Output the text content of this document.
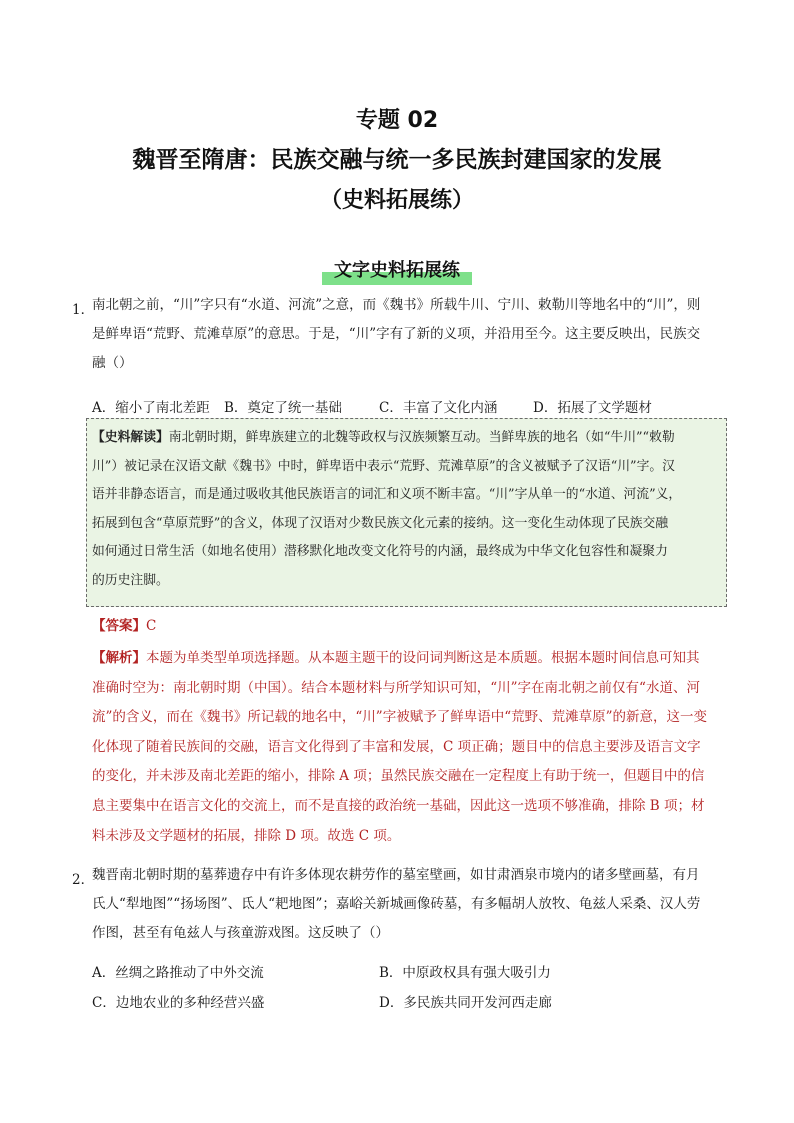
专题 02
魏晋至隋唐：民族交融与统一多民族封建国家的发展
（史料拓展练）
文字史料拓展练
1．
南北朝之前，“川”字只有“水道、河流”之意，而《魏书》所载牛川、宁川、敕勒川等地名中的“川”，则
是鲜卑语“荒野、荒滩草原”的意思。于是，“川”字有了新的义项，并沿用至今。这主要反映出，民族交
融（）
A．缩小了南北差距 B．奠定了统一基础	C．丰富了文化内涵	D．拓展了文学题材
【史料解读】南北朝时期，鲜卑族建立的北魏等政权与汉族频繁互动。当鲜卑族的地名（如“牛川”“敕勒
川”）被记录在汉语文献《魏书》中时，鲜卑语中表示“荒野、荒滩草原”的含义被赋予了汉语“川”字。汉
语并非静态语言，而是通过吸收其他民族语言的词汇和义项不断丰富。“川”字从单一的“水道、河流”义，
拓展到包含“草原荒野”的含义，体现了汉语对少数民族文化元素的接纳。这一变化生动体现了民族交融
如何通过日常生活（如地名使用）潜移默化地改变文化符号的内涵，最终成为中华文化包容性和凝聚力
的历史注脚。
【答案】C
【解析】本题为单类型单项选择题。从本题主题干的设问词判断这是本质题。根据本题时间信息可知其
准确时空为：南北朝时期（中国）。结合本题材料与所学知识可知，“川”字在南北朝之前仅有“水道、河
流”的含义，而在《魏书》所记载的地名中，“川”字被赋予了鲜卑语中“荒野、荒滩草原”的新意，这一变
化体现了随着民族间的交融，语言文化得到了丰富和发展，C 项正确；题目中的信息主要涉及语言文字
的变化，并未涉及南北差距的缩小，排除 A 项；虽然民族交融在一定程度上有助于统一，但题目中的信
息主要集中在语言文化的交流上，而不是直接的政治统一基础，因此这一选项不够准确，排除 B 项；材
料未涉及文学题材的拓展，排除 D 项。故选 C 项。
2．
魏晋南北朝时期的墓葬遗存中有许多体现农耕劳作的墓室壁画，如甘肃酒泉市境内的诸多壁画墓，有月
氏人“犁地图”“扬场图”、氐人“耙地图”；嘉峪关新城画像砖墓，有多幅胡人放牧、龟兹人采桑、汉人劳
作图，甚至有龟兹人与孩童游戏图。这反映了（）
A．丝绸之路推动了中外交流	B．中原政权具有强大吸引力
C．边地农业的多种经营兴盛	D．多民族共同开发河西走廊
